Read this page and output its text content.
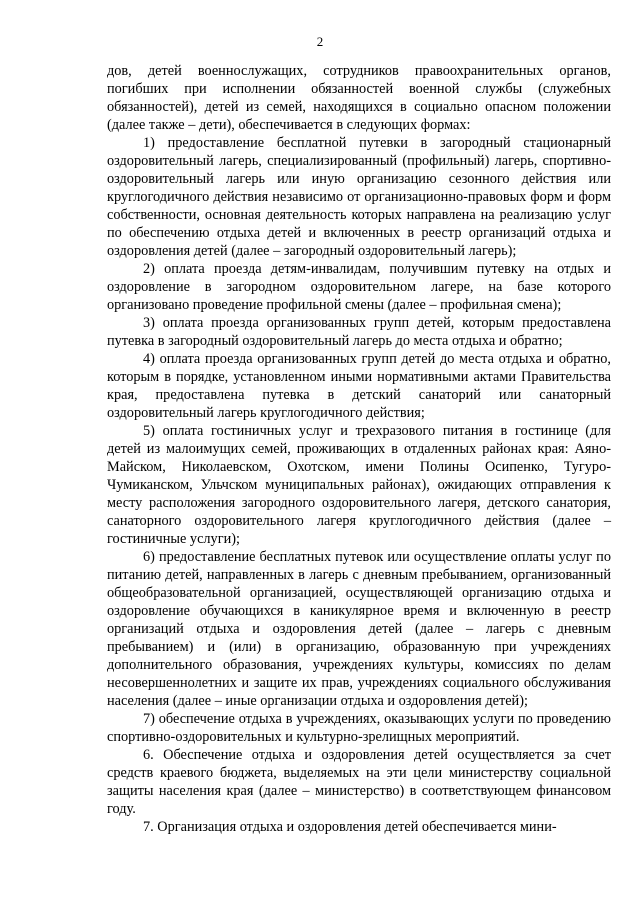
2

дов, детей военнослужащих, сотрудников правоохранительных органов, погибших при исполнении обязанностей военной службы (служебных обязанностей), детей из семей, находящихся в социально опасном положении (далее также – дети), обеспечивается в следующих формах:

1) предоставление бесплатной путевки в загородный стационарный оздоровительный лагерь, специализированный (профильный) лагерь, спортивно-оздоровительный лагерь или иную организацию сезонного действия или круглогодичного действия независимо от организационно-правовых форм и форм собственности, основная деятельность которых направлена на реализацию услуг по обеспечению отдыха детей и включенных в реестр организаций отдыха и оздоровления детей (далее – загородный оздоровительный лагерь);

2) оплата проезда детям-инвалидам, получившим путевку на отдых и оздоровление в загородном оздоровительном лагере, на базе которого организовано проведение профильной смены (далее – профильная смена);

3) оплата проезда организованных групп детей, которым предоставлена путевка в загородный оздоровительный лагерь до места отдыха и обратно;

4) оплата проезда организованных групп детей до места отдыха и обратно, которым в порядке, установленном иными нормативными актами Правительства края, предоставлена путевка в детский санаторий или санаторный оздоровительный лагерь круглогодичного действия;

5) оплата гостиничных услуг и трехразового питания в гостинице (для детей из малоимущих семей, проживающих в отдаленных районах края: Аяно-Майском, Николаевском, Охотском, имени Полины Осипенко, Тугуро-Чумиканском, Ульчском муниципальных районах), ожидающих отправления к месту расположения загородного оздоровительного лагеря, детского санатория, санаторного оздоровительного лагеря круглогодичного действия (далее – гостиничные услуги);

6) предоставление бесплатных путевок или осуществление оплаты услуг по питанию детей, направленных в лагерь с дневным пребыванием, организованный общеобразовательной организацией, осуществляющей организацию отдыха и оздоровление обучающихся в каникулярное время и включенную в реестр организаций отдыха и оздоровления детей (далее – лагерь с дневным пребыванием) и (или) в организацию, образованную при учреждениях дополнительного образования, учреждениях культуры, комиссиях по делам несовершеннолетних и защите их прав, учреждениях социального обслуживания населения (далее – иные организации отдыха и оздоровления детей);

7) обеспечение отдыха в учреждениях, оказывающих услуги по проведению спортивно-оздоровительных и культурно-зрелищных мероприятий.

6. Обеспечение отдыха и оздоровления детей осуществляется за счет средств краевого бюджета, выделяемых на эти цели министерству социальной защиты населения края (далее – министерство) в соответствующем финансовом году.

7. Организация отдыха и оздоровления детей обеспечивается мини-
